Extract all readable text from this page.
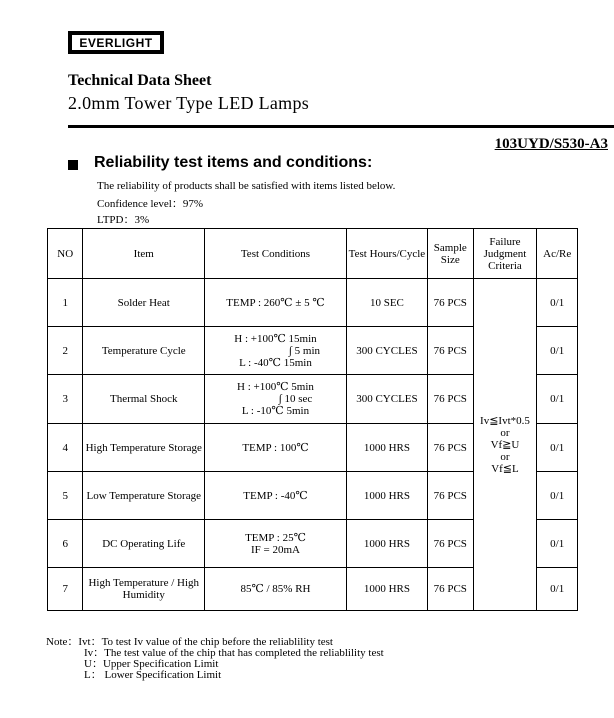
EVERLIGHT
Technical Data Sheet
2.0mm Tower Type LED Lamps
103UYD/S530-A3
Reliability test items and conditions:
The reliability of products shall be satisfied with items listed below.
Confidence level：97%
LTPD：3%
NO	Item	Test Conditions	Test Hours/Cycle	Sample Size	Failure Judgment Criteria	Ac/Re
1	Solder Heat	TEMP : 260℃ ± 5 ℃	10 SEC	76 PCS	Iv≦Ivt*0.5
or
Vf≧U
or
Vf≦L	0/1
2	Temperature Cycle	H : +100℃ 15min
∫ 5 min
L : -40℃ 15min	300 CYCLES	76 PCS		0/1
3	Thermal Shock	H : +100℃ 5min
∫ 10 sec
L : -10℃ 5min	300 CYCLES	76 PCS		0/1
4	High Temperature Storage	TEMP : 100℃	1000 HRS	76 PCS		0/1
5	Low Temperature Storage	TEMP : -40℃	1000 HRS	76 PCS		0/1
6	DC Operating Life	TEMP : 25℃
IF = 20mA	1000 HRS	76 PCS		0/1
7	High Temperature / High Humidity	85℃ / 85% RH	1000 HRS	76 PCS		0/1
Note：Ivt：To test Iv value of the chip before the reliablility test
Iv：The test value of the chip that has completed the reliablility test
U：Upper Specification Limit
L： Lower Specification Limit
